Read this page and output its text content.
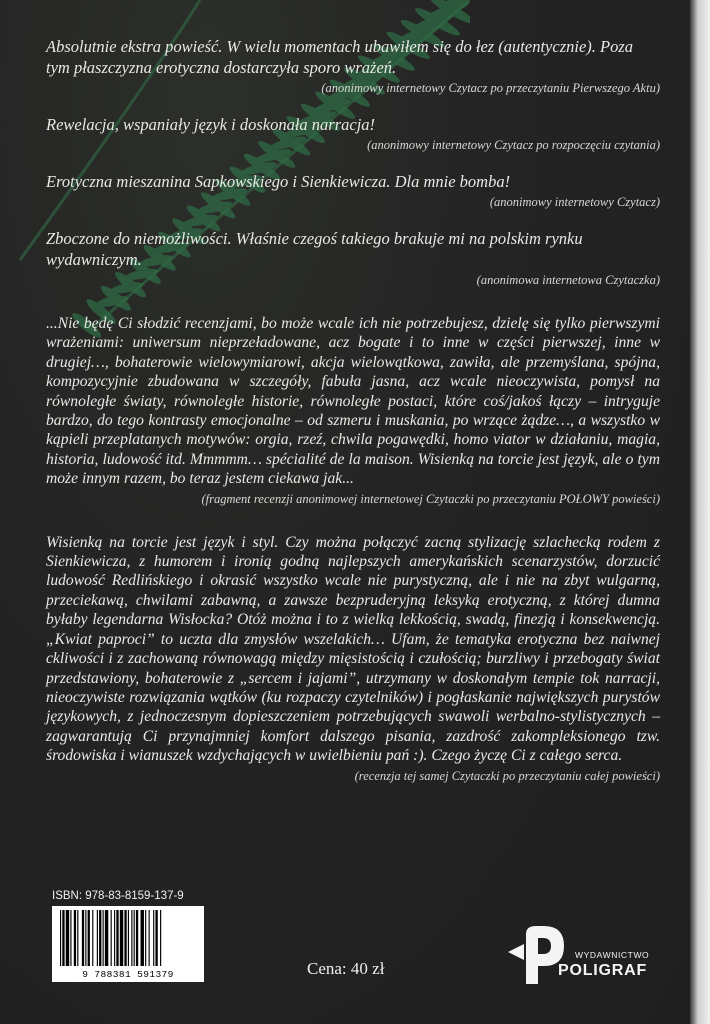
Absolutnie ekstra powieść. W wielu momentach ubawiłem się do łez (autentycznie). Poza tym płaszczyzna erotyczna dostarczyła sporo wrażeń.

(anonimowy internetowy Czytacz po przeczytaniu Pierwszego Aktu)

Rewelacja, wspaniały język i doskonała narracja!

(anonimowy internetowy Czytacz po rozpoczęciu czytania)

Erotyczna mieszanina Sapkowskiego i Sienkiewicza. Dla mnie bomba!

(anonimowy internetowy Czytacz)

Zboczone do niemożliwości. Właśnie czegoś takiego brakuje mi na polskim rynku wydawniczym.

(anonimowa internetowa Czytaczka)

...Nie będę Ci słodzić recenzjami, bo może wcale ich nie potrzebujesz, dzielę się tylko pierwszymi wrażeniami: uniwersum nieprzeładowane, acz bogate i to inne w części pierwszej, inne w drugiej…, bohaterowie wielowymiarowi, akcja wielowątkowa, zawiła, ale przemyślana, spójna, kompozycyjnie zbudowana w szczegóły, fabuła jasna, acz wcale nieoczywista, pomysł na równoległe światy, równoległe historie, równoległe postaci, które coś/jakoś łączy – intryguje bardzo, do tego kontrasty emocjonalne – od szmeru i muskania, po wrzące żądze…, a wszystko w kąpieli przeplatanych motywów: orgia, rzeź, chwila pogawędki, homo viator w działaniu, magia, historia, ludowość itd. Mmmmm… spécialité de la maison. Wisienką na torcie jest język, ale o tym może innym razem, bo teraz jestem ciekawa jak...

(fragment recenzji anonimowej internetowej Czytaczki po przeczytaniu POŁOWY powieści)

Wisienką na torcie jest język i styl. Czy można połączyć zacną stylizację szlachecką rodem z Sienkiewicza, z humorem i ironią godną najlepszych amerykańskich scenarzystów, dorzucić ludowość Redlińskiego i okrasić wszystko wcale nie purystyczną, ale i nie na zbyt wulgarną, przeciekawą, chwilami zabawną, a zawsze bezpruderyjną leksyką erotyczną, z której dumna byłaby legendarna Wisłocka? Otóż można i to z wielką lekkością, swadą, finezją i konsekwencją. „Kwiat paproci” to uczta dla zmysłów wszelakich… Ufam, że tematyka erotyczna bez naiwnej ckliwości i z zachowaną równowagą między mięsistością i czułością; burzliwy i przebogaty świat przedstawiony, bohaterowie z „sercem i jajami”, utrzymany w doskonałym tempie tok narracji, nieoczywiste rozwiązania wątków (ku rozpaczy czytelników) i pogłaskanie największych purystów językowych, z jednoczesnym dopieszczeniem potrzebujących swawoli werbalno-stylistycznych – zagwarantują Ci przynajmniej komfort dalszego pisania, zazdrość zakompleksionego tzw. środowiska i wianuszek wzdychających w uwielbieniu pań :). Czego życzę Ci z całego serca.

(recenzja tej samej Czytaczki po przeczytaniu całej powieści)

ISBN: 978-83-8159-137-9
9 788381 591379	Cena: 40 zł
WYDAWNICTWO
POLIGRAF
